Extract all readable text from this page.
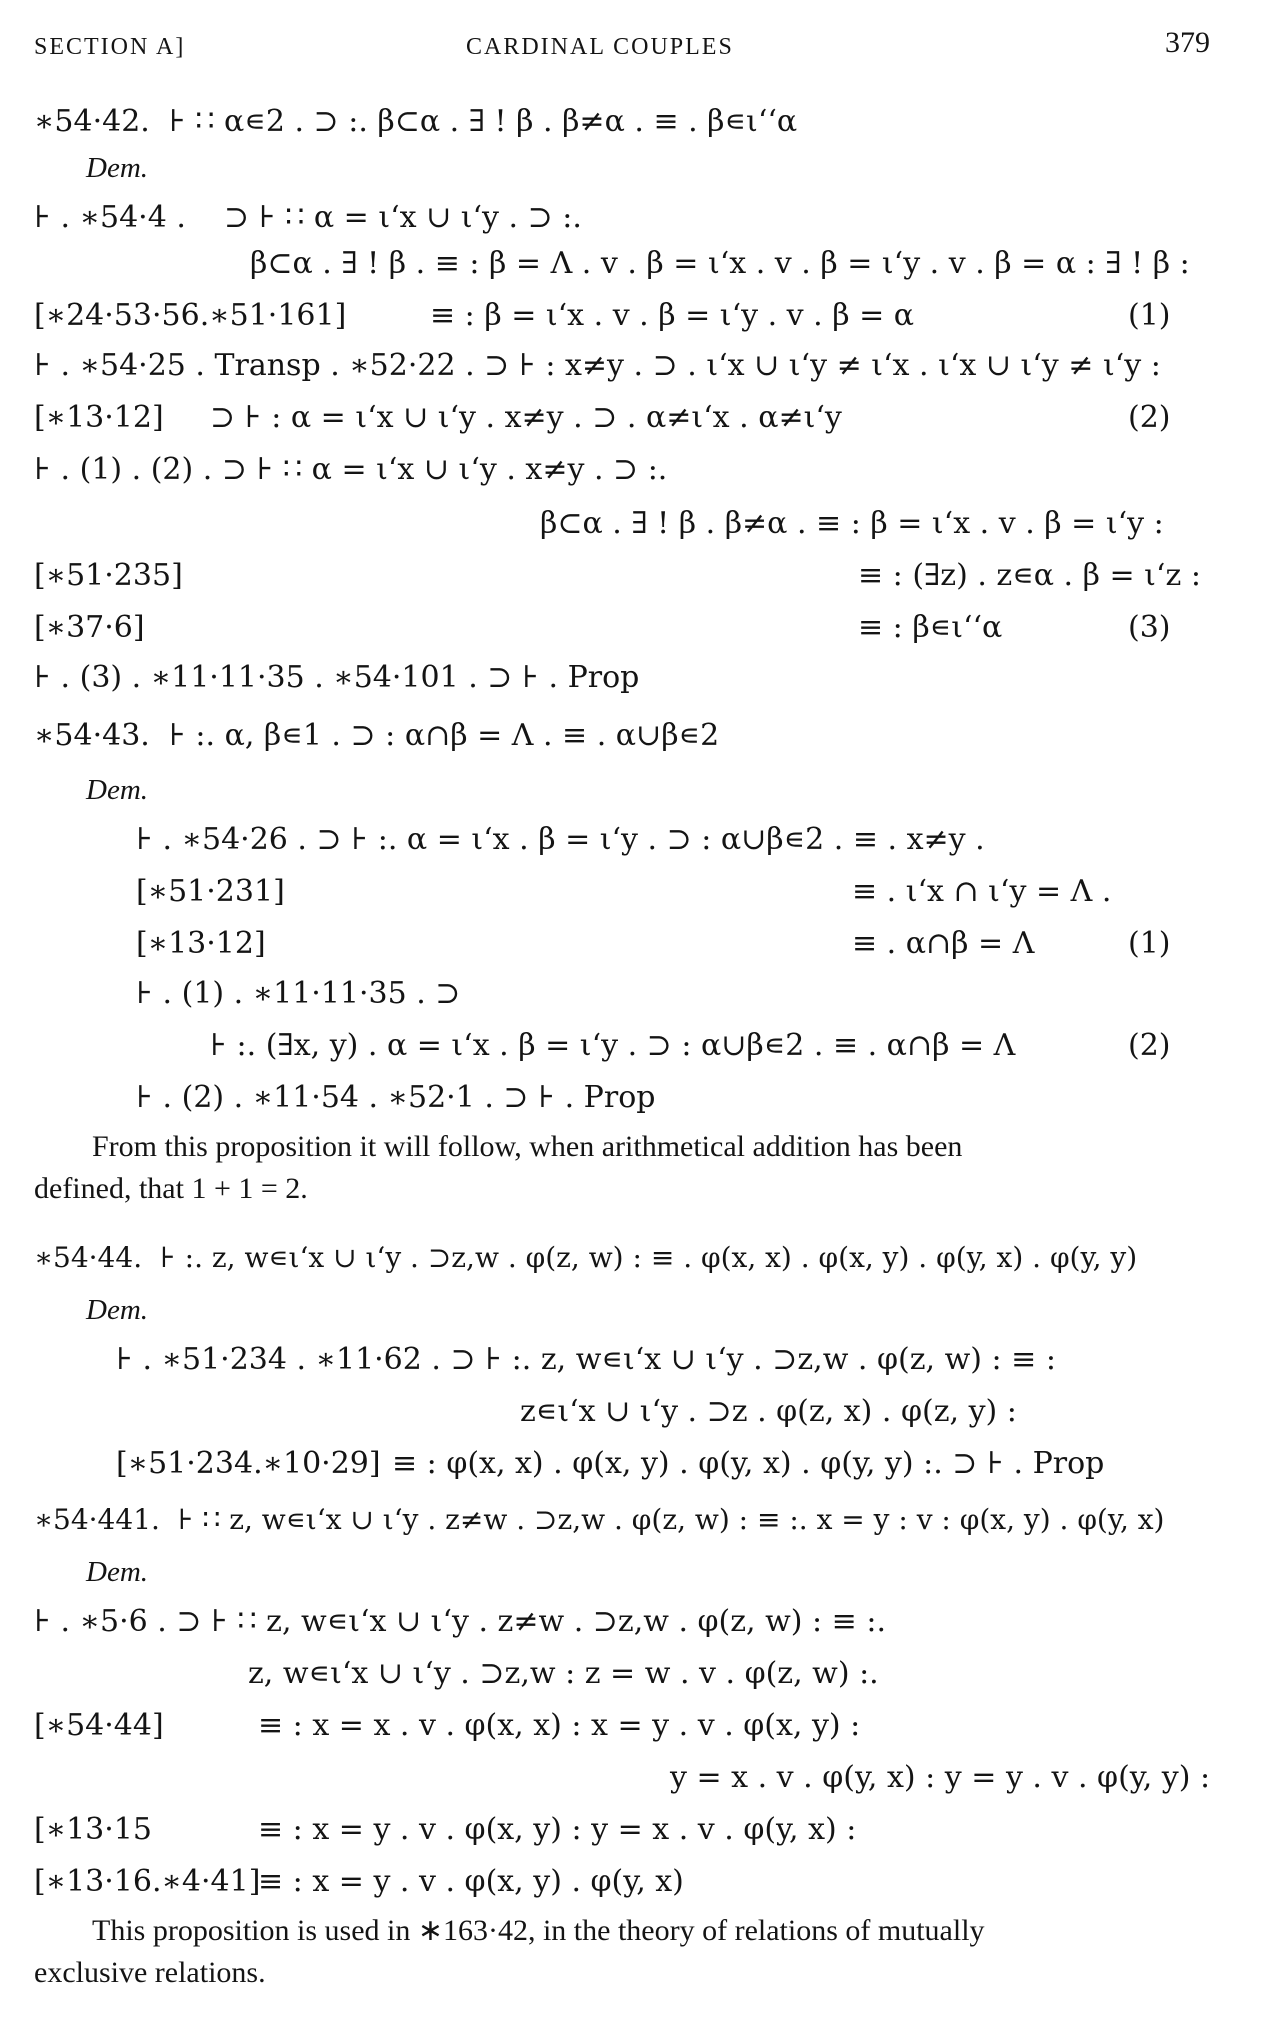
SECTION A]	CARDINAL COUPLES	379
∗54·42.  ⊦ ∷ α∊2 . ⊃ :. β⊂α . ∃ ! β . β≠α . ≡ . β∊ι‘‘α
Dem.
⊦ . ∗54·4 .    ⊃ ⊦ ∷ α = ι‘x ∪ ι‘y . ⊃ :.
β⊂α . ∃ ! β . ≡ : β = Λ . v . β = ι‘x . v . β = ι‘y . v . β = α : ∃ ! β :
[∗24·53·56.∗51·161]	≡ : β = ι‘x . v . β = ι‘y . v . β = α	(1)
⊦ . ∗54·25 . Transp . ∗52·22 . ⊃ ⊦ : x≠y . ⊃ . ι‘x ∪ ι‘y ≠ ι‘x . ι‘x ∪ ι‘y ≠ ι‘y :
[∗13·12] ⊃ ⊦ : α = ι‘x ∪ ι‘y . x≠y . ⊃ . α≠ι‘x . α≠ι‘y	(2)
⊦ . (1) . (2) . ⊃ ⊦ ∷ α = ι‘x ∪ ι‘y . x≠y . ⊃ :.
β⊂α . ∃ ! β . β≠α . ≡ : β = ι‘x . v . β = ι‘y :
[∗51·235]	≡ : (∃z) . z∊α . β = ι‘z :
[∗37·6]	≡ : β∊ι‘‘α	(3)
⊦ . (3) . ∗11·11·35 . ∗54·101 . ⊃ ⊦ . Prop
∗54·43.  ⊦ :. α, β∊1 . ⊃ : α∩β = Λ . ≡ . α∪β∊2
Dem.
⊦ . ∗54·26 . ⊃ ⊦ :. α = ι‘x . β = ι‘y . ⊃ : α∪β∊2 . ≡ . x≠y .
[∗51·231]	≡ . ι‘x ∩ ι‘y = Λ .
[∗13·12]	≡ . α∩β = Λ	(1)
⊦ . (1) . ∗11·11·35 . ⊃
⊦ :. (∃x, y) . α = ι‘x . β = ι‘y . ⊃ : α∪β∊2 . ≡ . α∩β = Λ	(2)
⊦ . (2) . ∗11·54 . ∗52·1 . ⊃ ⊦ . Prop
From this proposition it will follow, when arithmetical addition has been
defined, that 1 + 1 = 2.
∗54·44.  ⊦ :. z, w∊ι‘x ∪ ι‘y . ⊃z,w . φ(z, w) : ≡ . φ(x, x) . φ(x, y) . φ(y, x) . φ(y, y)
Dem.
⊦ . ∗51·234 . ∗11·62 . ⊃ ⊦ :. z, w∊ι‘x ∪ ι‘y . ⊃z,w . φ(z, w) : ≡ :
z∊ι‘x ∪ ι‘y . ⊃z . φ(z, x) . φ(z, y) :
[∗51·234.∗10·29] ≡ : φ(x, x) . φ(x, y) . φ(y, x) . φ(y, y) :. ⊃ ⊦ . Prop
∗54·441.  ⊦ ∷ z, w∊ι‘x ∪ ι‘y . z≠w . ⊃z,w . φ(z, w) : ≡ :. x = y : v : φ(x, y) . φ(y, x)
Dem.
⊦ . ∗5·6 . ⊃ ⊦ ∷ z, w∊ι‘x ∪ ι‘y . z≠w . ⊃z,w . φ(z, w) : ≡ :.
z, w∊ι‘x ∪ ι‘y . ⊃z,w : z = w . v . φ(z, w) :.
[∗54·44]	≡ : x = x . v . φ(x, x) : x = y . v . φ(x, y) :
y = x . v . φ(y, x) : y = y . v . φ(y, y) :
[∗13·15	≡ : x = y . v . φ(x, y) : y = x . v . φ(y, x) :
[∗13·16.∗4·41]
≡ : x = y . v . φ(x, y) . φ(y, x)
This proposition is used in ∗163·42, in the theory of relations of mutually
exclusive relations.
